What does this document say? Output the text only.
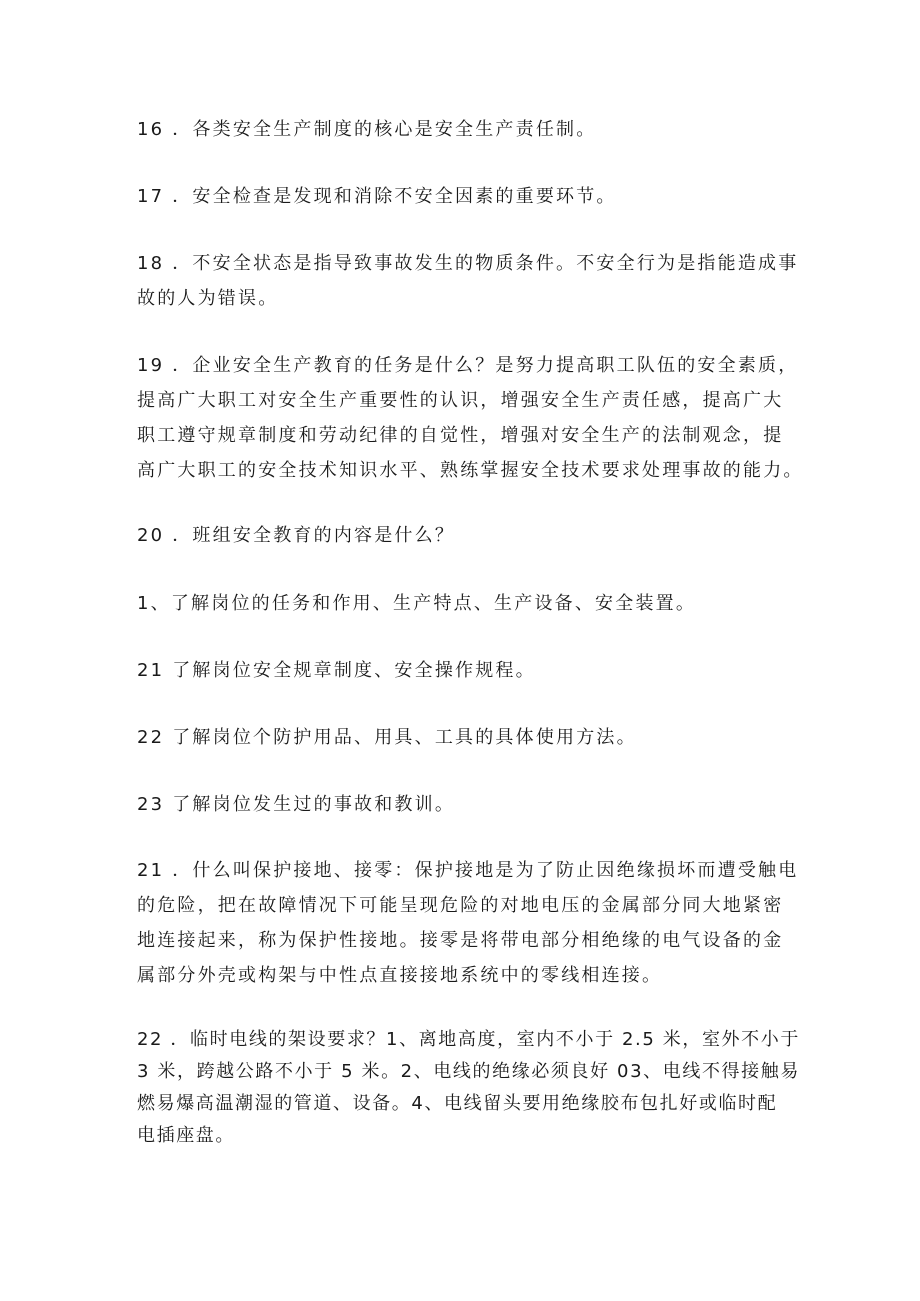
16 ．各类安全生产制度的核心是安全生产责任制。

17 ．安全检查是发现和消除不安全因素的重要环节。

18 ．不安全状态是指导致事故发生的物质条件。不安全行为是指能造成事
故的人为错误。

19 ．企业安全生产教育的任务是什么？是努力提高职工队伍的安全素质，
提高广大职工对安全生产重要性的认识，增强安全生产责任感，提高广大
职工遵守规章制度和劳动纪律的自觉性，增强对安全生产的法制观念，提
高广大职工的安全技术知识水平、熟练掌握安全技术要求处理事故的能力。

20 ．班组安全教育的内容是什么？

1、了解岗位的任务和作用、生产特点、生产设备、安全装置。

21 了解岗位安全规章制度、安全操作规程。

22 了解岗位个防护用品、用具、工具的具体使用方法。

23 了解岗位发生过的事故和教训。

21 ．什么叫保护接地、接零：保护接地是为了防止因绝缘损坏而遭受触电
的危险，把在故障情况下可能呈现危险的对地电压的金属部分同大地紧密
地连接起来，称为保护性接地。接零是将带电部分相绝缘的电气设备的金
属部分外壳或构架与中性点直接接地系统中的零线相连接。

22 ．临时电线的架设要求？1、离地高度，室内不小于 2.5 米，室外不小于
3 米，跨越公路不小于 5 米。2、电线的绝缘必须良好 03、电线不得接触易
燃易爆高温潮湿的管道、设备。4、电线留头要用绝缘胶布包扎好或临时配
电插座盘。
